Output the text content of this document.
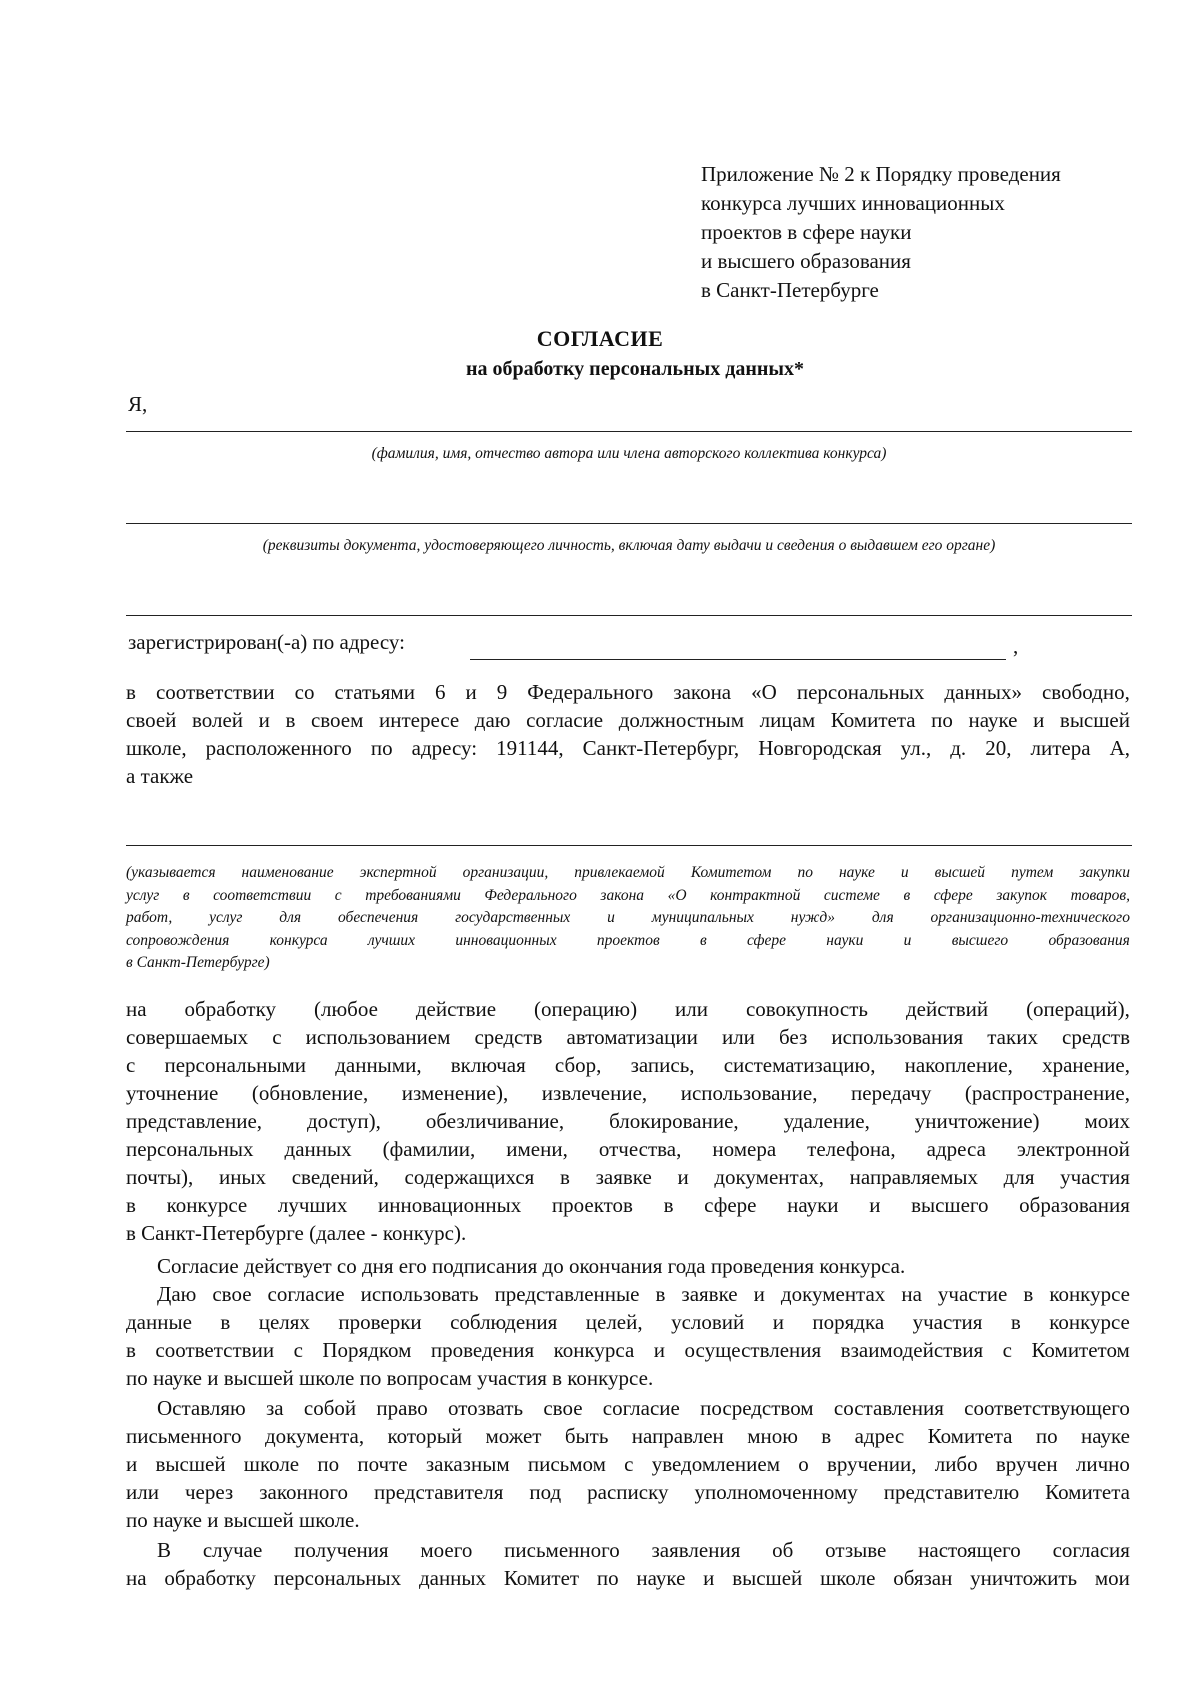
Приложение № 2 к Порядку проведения
конкурса лучших инновационных
проектов в сфере науки
и высшего образования
в Санкт-Петербурге
СОГЛАСИЕ
на обработку персональных данных*
Я,
(фамилия, имя, отчество автора или члена авторского коллектива конкурса)
(реквизиты документа, удостоверяющего личность, включая дату выдачи и сведения о выдавшем его органе)
зарегистрирован(-а) по адресу:	,
в соответствии со статьями 6 и 9 Федерального закона «О персональных данных» свободно,
своей волей и в своем интересе даю согласие должностным лицам Комитета по науке и высшей
школе, расположенного по адресу: 191144, Санкт-Петербург, Новгородская ул., д. 20, литера А,
а также
(указывается наименование экспертной организации, привлекаемой Комитетом по науке и высшей путем закупки
услуг в соответствии с требованиями Федерального закона «О контрактной системе в сфере закупок товаров,
работ, услуг для обеспечения государственных и муниципальных нужд» для организационно-технического
сопровождения	конкурса	лучших	инновационных	проектов	в	сфере	науки	и	высшего	образования
в Санкт-Петербурге)
на обработку (любое действие (операцию) или совокупность действий (операций),
совершаемых с использованием средств автоматизации или без использования таких средств
с персональными данными, включая сбор, запись, систематизацию, накопление, хранение,
уточнение (обновление, изменение), извлечение, использование, передачу (распространение,
представление, доступ), обезличивание, блокирование, удаление, уничтожение) моих
персональных данных (фамилии, имени, отчества, номера телефона, адреса электронной
почты), иных сведений, содержащихся в заявке и документах, направляемых для участия
в конкурсе лучших инновационных проектов в сфере науки и высшего образования
в Санкт-Петербурге (далее - конкурс).
Согласие действует со дня его подписания до окончания года проведения конкурса.
Даю свое согласие использовать представленные в заявке и документах на участие в конкурсе
данные в целях проверки соблюдения целей, условий и порядка участия в конкурсе
в соответствии с Порядком проведения конкурса и осуществления взаимодействия с Комитетом
по науке и высшей школе по вопросам участия в конкурсе.
Оставляю за собой право отозвать свое согласие посредством составления соответствующего
письменного документа, который может быть направлен мною в адрес Комитета по науке
и высшей школе по почте заказным письмом с уведомлением о вручении, либо вручен лично
или через законного представителя под расписку уполномоченному представителю Комитета
по науке и высшей школе.
В случае получения моего письменного заявления об отзыве настоящего согласия
на обработку персональных данных Комитет по науке и высшей школе обязан уничтожить мои
